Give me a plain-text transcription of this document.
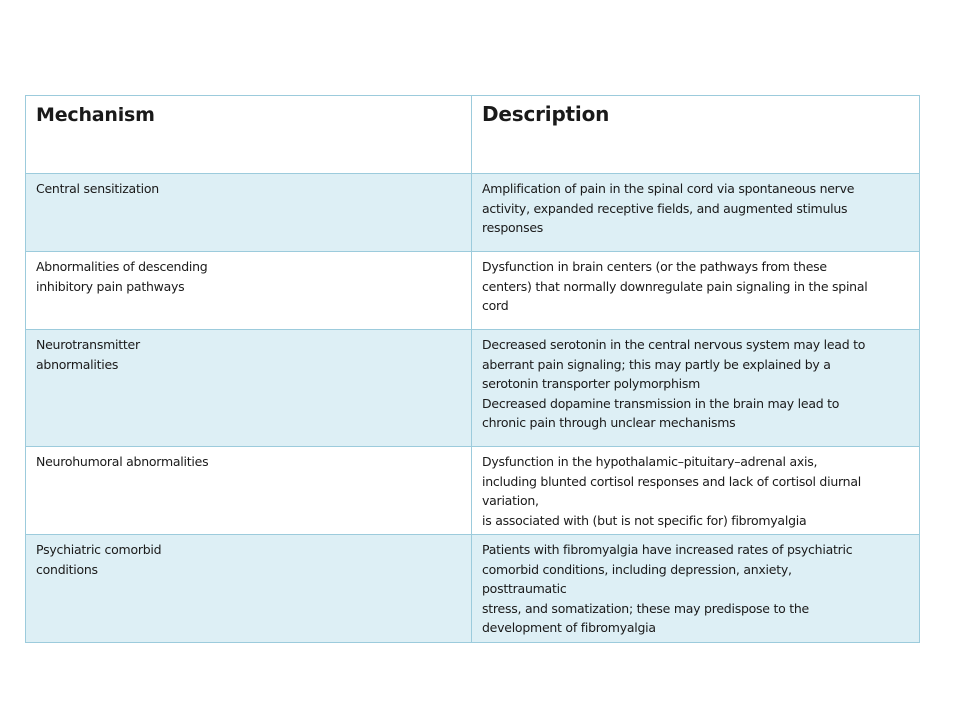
Mechanism	Description
Central sensitization	Amplification of pain in the spinal cord via spontaneous nerve
activity, expanded receptive fields, and augmented stimulus
responses
Abnormalities of descending
inhibitory pain pathways	Dysfunction in brain centers (or the pathways from these
centers) that normally downregulate pain signaling in the spinal
cord
Neurotransmitter
abnormalities	Decreased serotonin in the central nervous system may lead to
aberrant pain signaling; this may partly be explained by a
serotonin transporter polymorphism
Decreased dopamine transmission in the brain may lead to
chronic pain through unclear mechanisms
Neurohumoral abnormalities	Dysfunction in the hypothalamic–pituitary–adrenal axis,
including blunted cortisol responses and lack of cortisol diurnal
variation,
is associated with (but is not specific for) fibromyalgia
Psychiatric comorbid
conditions	Patients with fibromyalgia have increased rates of psychiatric
comorbid conditions, including depression, anxiety,
posttraumatic
stress, and somatization; these may predispose to the
development of fibromyalgia
